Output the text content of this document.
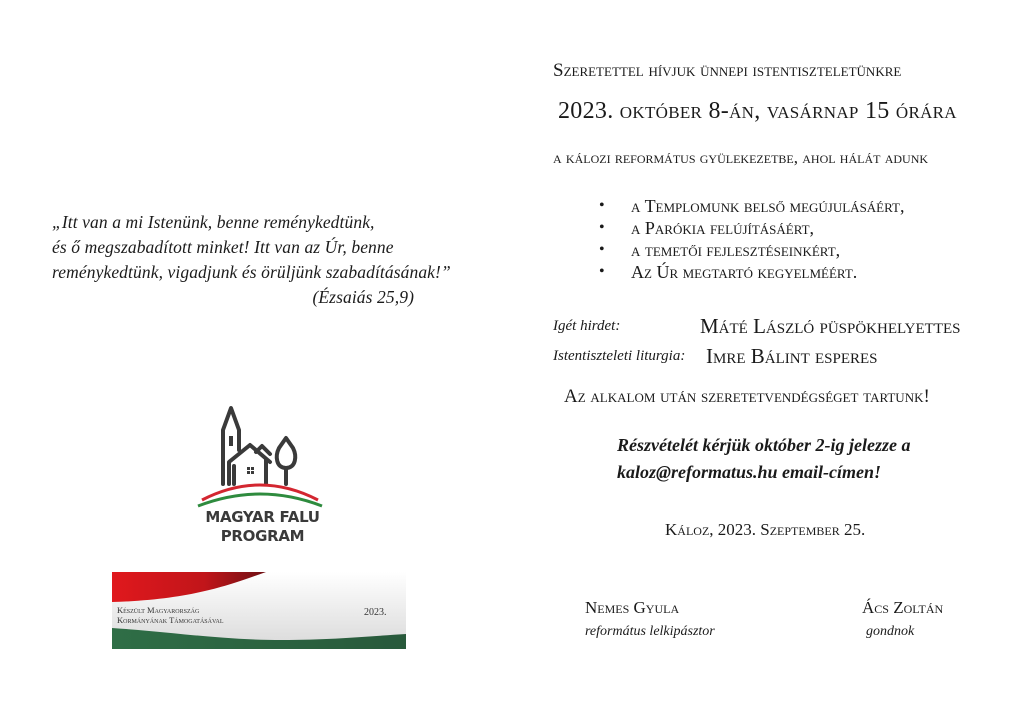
„Itt van a mi Istenünk, benne reménykedtünk,
és ő megszabadított minket! Itt van az Úr, benne
reménykedtünk, vigadjunk és örüljünk szabadításának!”
(Ézsaiás 25,9)
MAGYAR FALU
PROGRAM
Készült Magyarország
Kormányának Támogatásával
2023.
Szeretettel hívjuk ünnepi istentiszteletünkre
2023. október 8-án, vasárnap 15 órára
a kálozi református gyülekezetbe, ahol hálát adunk
• a Templomunk belső megújulásáért,
• a Parókia felújításáért,
• a temetői fejlesztéseinkért,
• Az Úr megtartó kegyelméért.
Igét hirdet:	Máté László püspökhelyettes
Istentiszteleti liturgia: Imre Bálint esperes
Az alkalom után szeretetvendégséget tartunk!
Részvételét kérjük október 2-ig jelezze a
kaloz@reformatus.hu email-címen!
Káloz, 2023. Szeptember 25.
Nemes Gyula
református lelkipásztor
Ács Zoltán
gondnok
